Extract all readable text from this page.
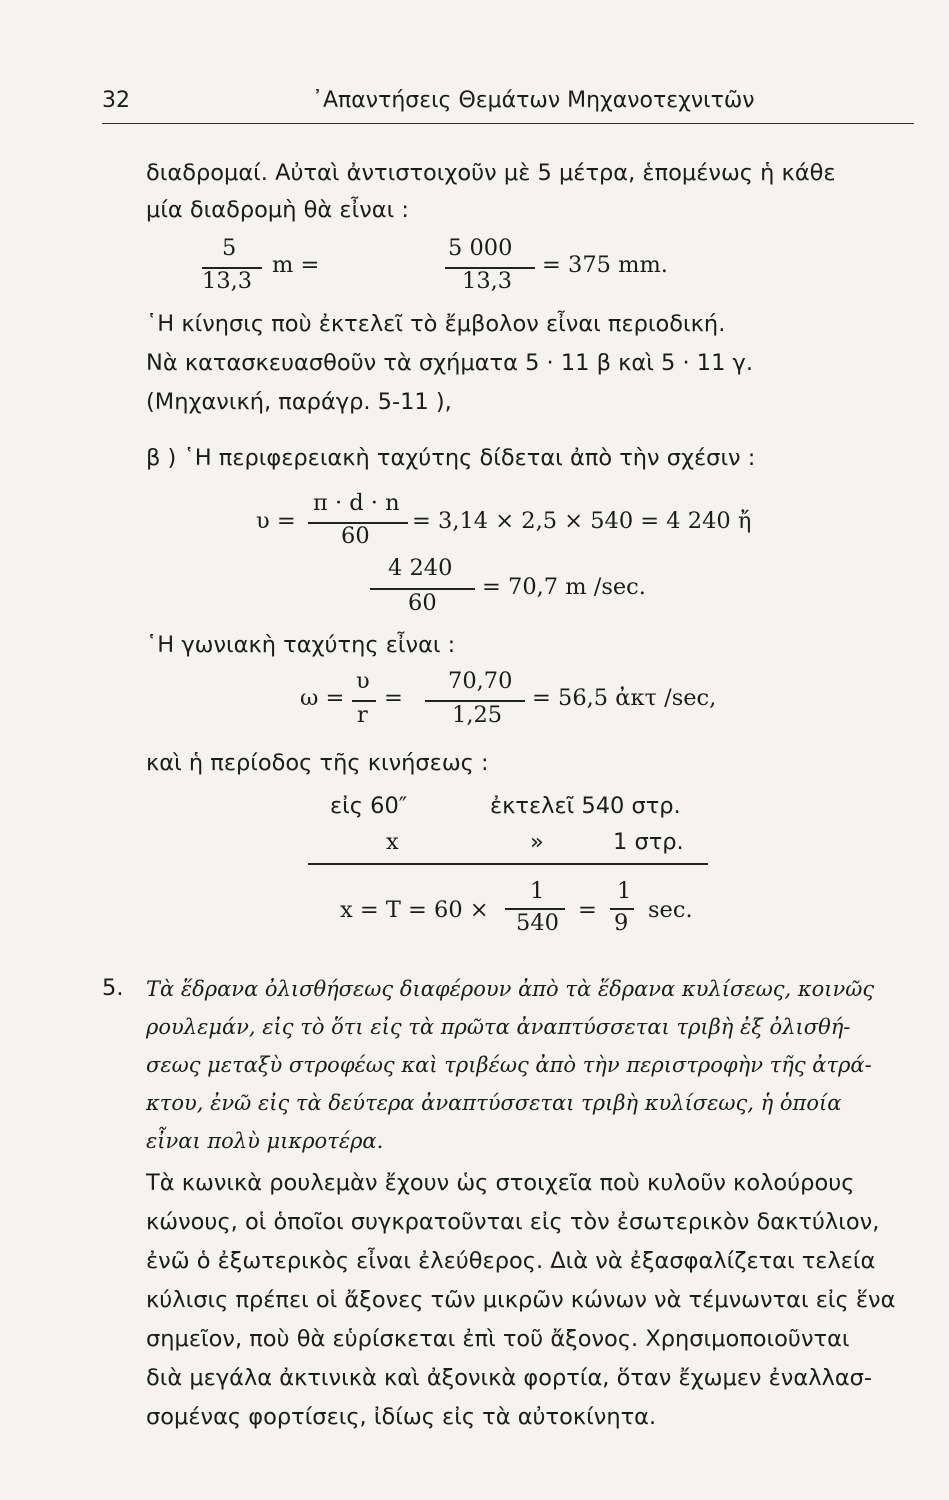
32	᾿Απαντήσεις Θεμάτων Μηχανοτεχνιτῶν
διαδρομαί. Αὐταὶ ἀντιστοιχοῦν μὲ 5 μέτρα, ἑπομένως ἡ κάθε
μία διαδρομὴ θὰ εἶναι :
5
13,3
m =
5 000
13,3
= 375 mm.
῾Η κίνησις ποὺ ἐκτελεῖ τὸ ἔμβολον εἶναι περιοδική.
Νὰ κατασκευασθοῦν τὰ σχήματα 5 · 11 β καὶ 5 · 11 γ.
(Μηχανική, παράγρ. 5-11 ),
β ) ῾Η περιφερειακὴ ταχύτης δίδεται ἀπὸ τὴν σχέσιν :
υ =
π · d · n
60
= 3,14 × 2,5 × 540 = 4 240 ἤ
4 240
60
= 70,7 m /sec.
῾Η γωνιακὴ ταχύτης εἶναι :
ω =
υ
r
=
70,70
1,25
= 56,5 ἀκτ /sec,
καὶ ἡ περίοδος τῆς κινήσεως :
εἰς 60″	ἐκτελεῖ 540 στρ.
x	»	1 στρ.
x = T = 60 ×
1
540 =
1
9 sec.
5. Τὰ ἕδρανα ὀλισθήσεως διαφέρουν ἀπὸ τὰ ἕδρανα κυλίσεως, κοινῶς
ρουλεμάν, εἰς τὸ ὅτι εἰς τὰ πρῶτα ἀναπτύσσεται τριβὴ ἐξ ὀλισθή-
σεως μεταξὺ στροφέως καὶ τριβέως ἀπὸ τὴν περιστροφὴν τῆς ἀτρά-
κτου, ἐνῶ εἰς τὰ δεύτερα ἀναπτύσσεται τριβὴ κυλίσεως, ἡ ὁποία
εἶναι πολὺ μικροτέρα.
Τὰ κωνικὰ ρουλεμὰν ἔχουν ὡς στοιχεῖα ποὺ κυλοῦν κολούρους
κώνους, οἱ ὁποῖοι συγκρατοῦνται εἰς τὸν ἐσωτερικὸν δακτύλιον,
ἐνῶ ὁ ἐξωτερικὸς εἶναι ἐλεύθερος. Διὰ νὰ ἐξασφαλίζεται τελεία
κύλισις πρέπει οἱ ἄξονες τῶν μικρῶν κώνων νὰ τέμνωνται εἰς ἕνα
σημεῖον, ποὺ θὰ εὑρίσκεται ἐπὶ τοῦ ἄξονος. Χρησιμοποιοῦνται
διὰ μεγάλα ἀκτινικὰ καὶ ἀξονικὰ φορτία, ὅταν ἔχωμεν ἐναλλασ-
σομένας φορτίσεις, ἰδίως εἰς τὰ αὐτοκίνητα.
